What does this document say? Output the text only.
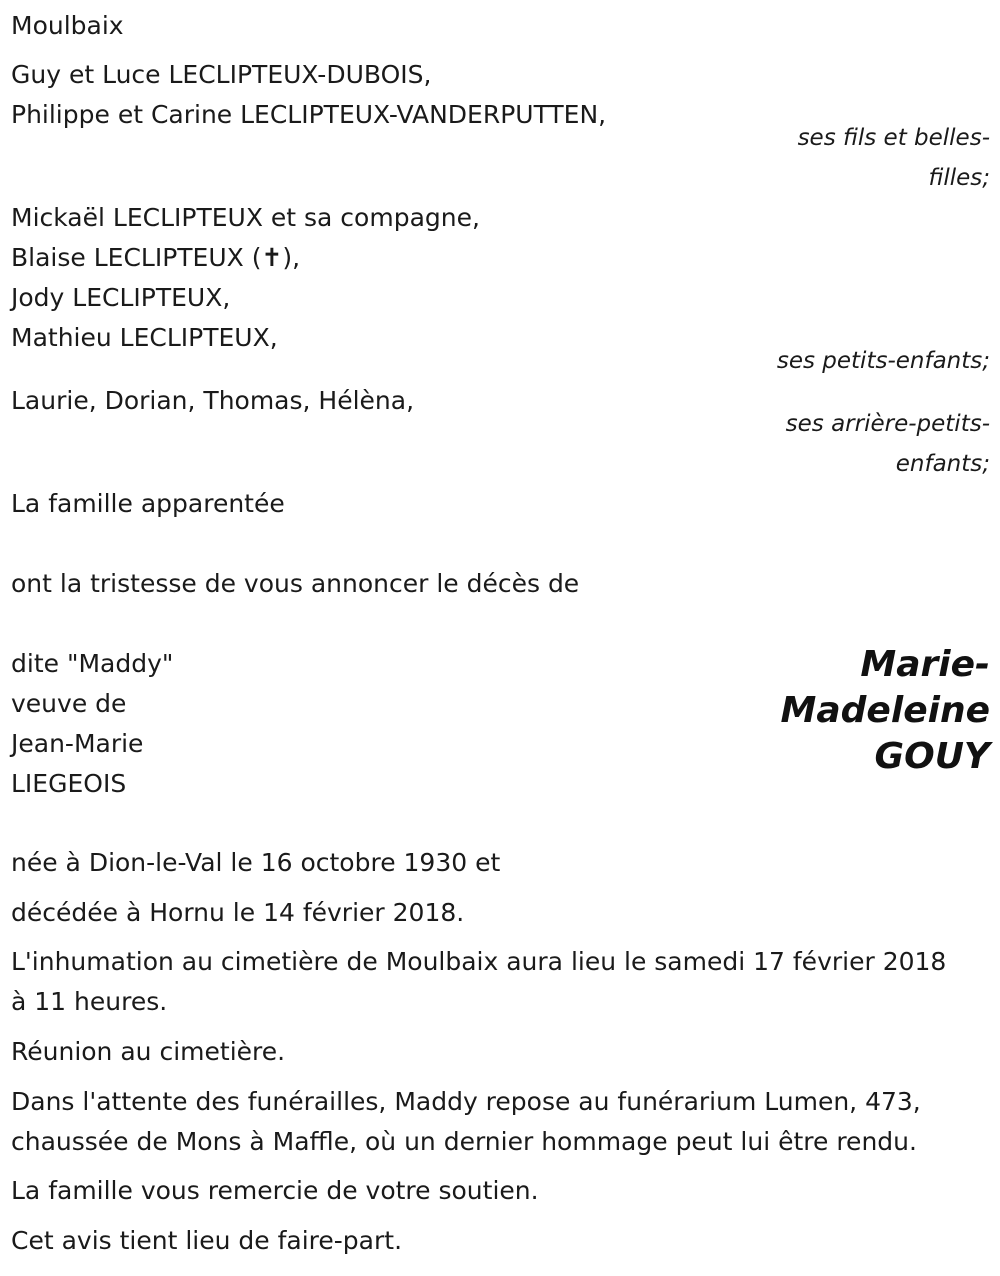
Moulbaix

Guy et Luce LECLIPTEUX-DUBOIS,

Philippe et Carine LECLIPTEUX-VANDERPUTTEN,

ses fils et belles-

filles;

Mickaël LECLIPTEUX et sa compagne,

Blaise LECLIPTEUX (✝),

Jody LECLIPTEUX,

Mathieu LECLIPTEUX,

ses petits-enfants;

Laurie, Dorian, Thomas, Hélèna,

ses arrière-petits-

enfants;

La famille apparentée

ont la tristesse de vous annoncer le décès de

dite "Maddy"

veuve de

Jean-Marie

LIEGEOIS

Marie-
Madeleine
GOUY

née à Dion-le-Val le 16 octobre 1930 et

décédée à Hornu le 14 février 2018.

L'inhumation au cimetière de Moulbaix aura lieu le samedi 17 février 2018 à 11 heures.

Réunion au cimetière.

Dans l'attente des funérailles, Maddy repose au funérarium Lumen, 473, chaussée de Mons à Maffle, où un dernier hommage peut lui être rendu.

La famille vous remercie de votre soutien.

Cet avis tient lieu de faire-part.
